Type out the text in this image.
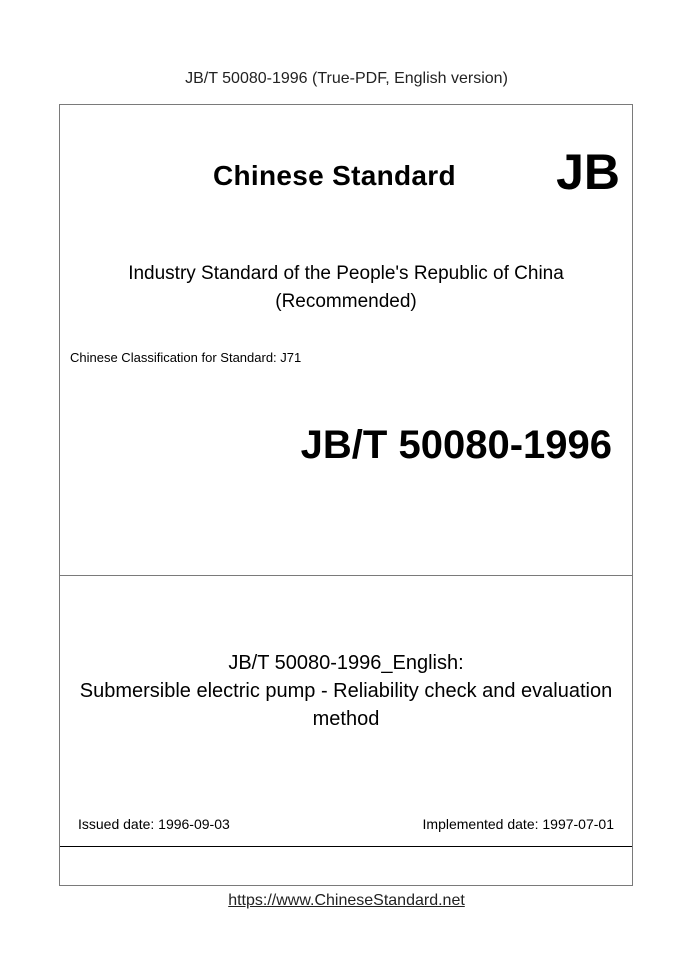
JB/T 50080-1996 (True-PDF, English version)
Chinese Standard JB
Industry Standard of the People's Republic of China
(Recommended)
Chinese Classification for Standard: J71
JB/T 50080-1996
JB/T 50080-1996_English:
Submersible electric pump - Reliability check and evaluation
method
Issued date: 1996-09-03	Implemented date: 1997-07-01
https://www.ChineseStandard.net
